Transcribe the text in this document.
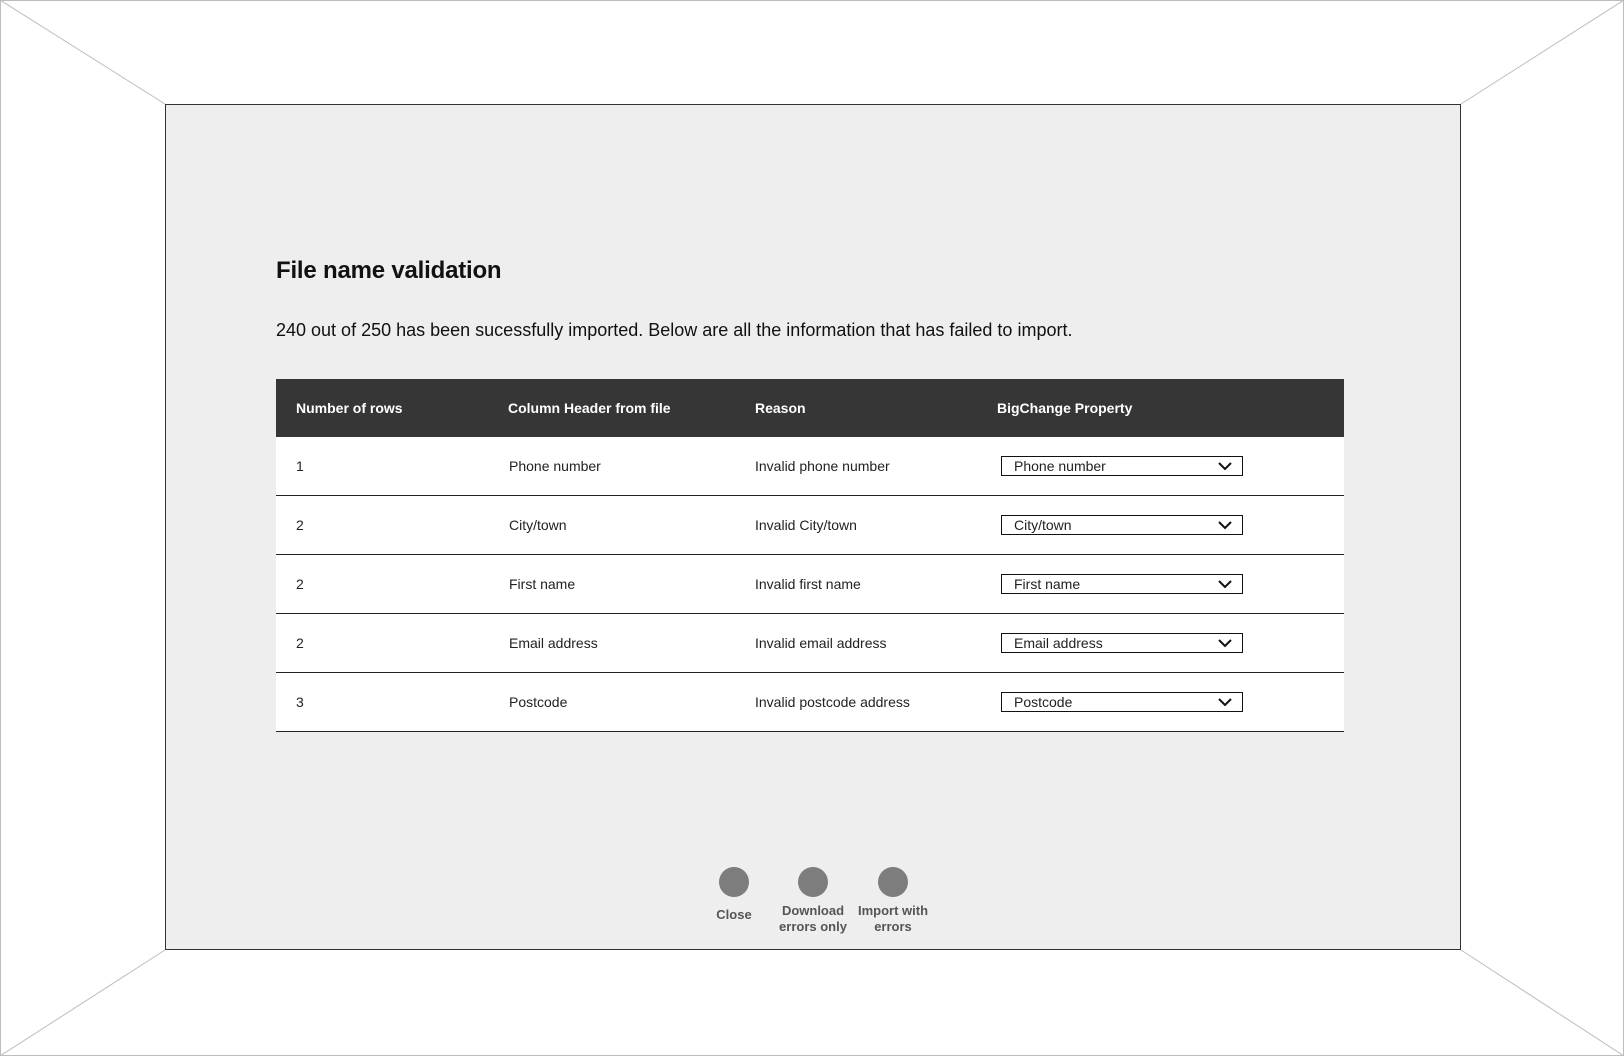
File name validation
240 out of 250 has been sucessfully imported. Below are all the information that has failed to import.
Number of rows	Column Header from file	Reason	BigChange Property
1	Phone number	Invalid phone number	Phone number
2	City/town	Invalid City/town	City/town
2	First name	Invalid first name	First name
2	Email address	Invalid email address	Email address
3	Postcode	Invalid postcode address	Postcode
Close	Download
errors only
Import with
errors
